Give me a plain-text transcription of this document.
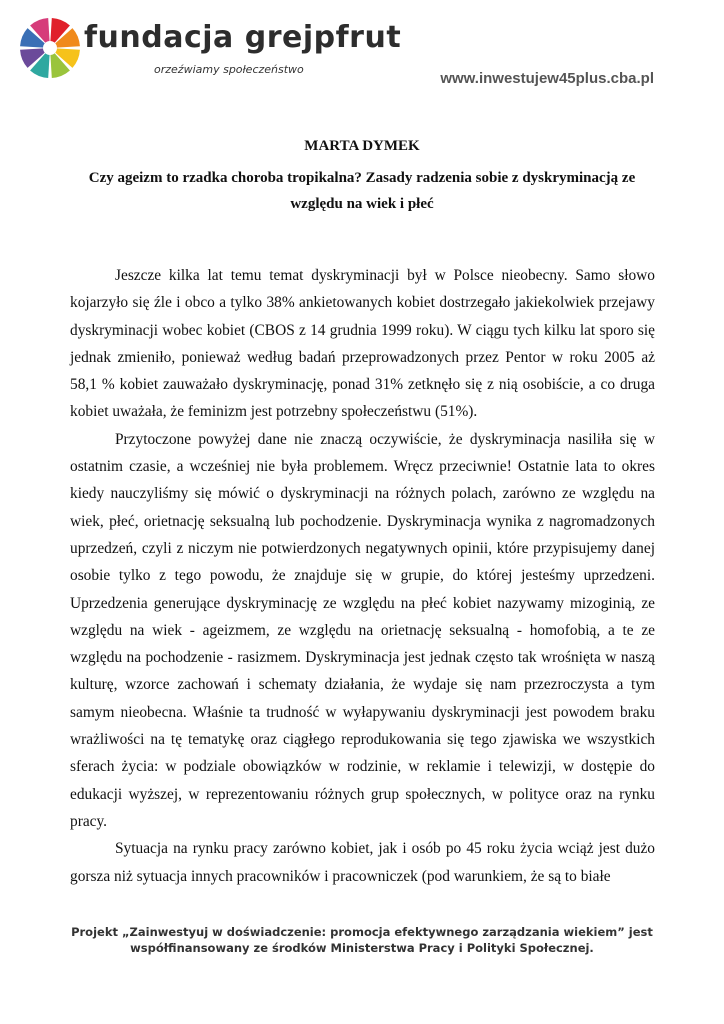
fundacja grejpfrut
orzeźwiamy społeczeństwo
www.inwestujew45plus.cba.pl

MARTA DYMEK

Czy ageizm to rzadka choroba tropikalna? Zasady radzenia sobie z dyskryminacją ze względu na wiek i płeć

Jeszcze kilka lat temu temat dyskryminacji był w Polsce nieobecny. Samo słowo kojarzyło się źle i obco a tylko 38% ankietowanych kobiet dostrzegało jakiekolwiek przejawy dyskryminacji wobec kobiet (CBOS z 14 grudnia 1999 roku). W ciągu tych kilku lat sporo się jednak zmieniło, ponieważ według badań przeprowadzonych przez Pentor w roku 2005 aż 58,1 % kobiet zauważało dyskryminację, ponad 31% zetknęło się z nią osobiście, a co druga kobiet uważała, że feminizm jest potrzebny społeczeństwu (51%).

Przytoczone powyżej dane nie znaczą oczywiście, że dyskryminacja nasiliła się w ostatnim czasie, a wcześniej nie była problemem. Wręcz przeciwnie! Ostatnie lata to okres kiedy nauczyliśmy się mówić o dyskryminacji na różnych polach, zarówno ze względu na wiek, płeć, orietnację seksualną lub pochodzenie. Dyskryminacja wynika z nagromadzonych uprzedzeń, czyli z niczym nie potwierdzonych negatywnych opinii, które przypisujemy danej osobie tylko z tego powodu, że znajduje się w grupie, do której jesteśmy uprzedzeni. Uprzedzenia generujące dyskryminację ze względu na płeć kobiet nazywamy mizoginią, ze względu na wiek - ageizmem, ze względu na orietnację seksualną - homofobią, a te ze względu na pochodzenie - rasizmem. Dyskryminacja jest jednak często tak wrośnięta w naszą kulturę, wzorce zachowań i schematy działania, że wydaje się nam przezroczysta a tym samym nieobecna. Właśnie ta trudność w wyłapywaniu dyskryminacji jest powodem braku wrażliwości na tę tematykę oraz ciągłego reprodukowania się tego zjawiska we wszystkich sferach życia: w podziale obowiązków w rodzinie, w reklamie i telewizji, w dostępie do edukacji wyższej, w reprezentowaniu różnych grup społecznych, w polityce oraz na rynku pracy.

Sytuacja na rynku pracy zarówno kobiet, jak i osób po 45 roku życia wciąż jest dużo gorsza niż sytuacja innych pracowników i pracowniczek (pod warunkiem, że są to białe

Projekt „Zainwestyuj w doświadczenie: promocja efektywnego zarządzania wiekiem” jest
współfinansowany ze środków Ministerstwa Pracy i Polityki Społecznej.
